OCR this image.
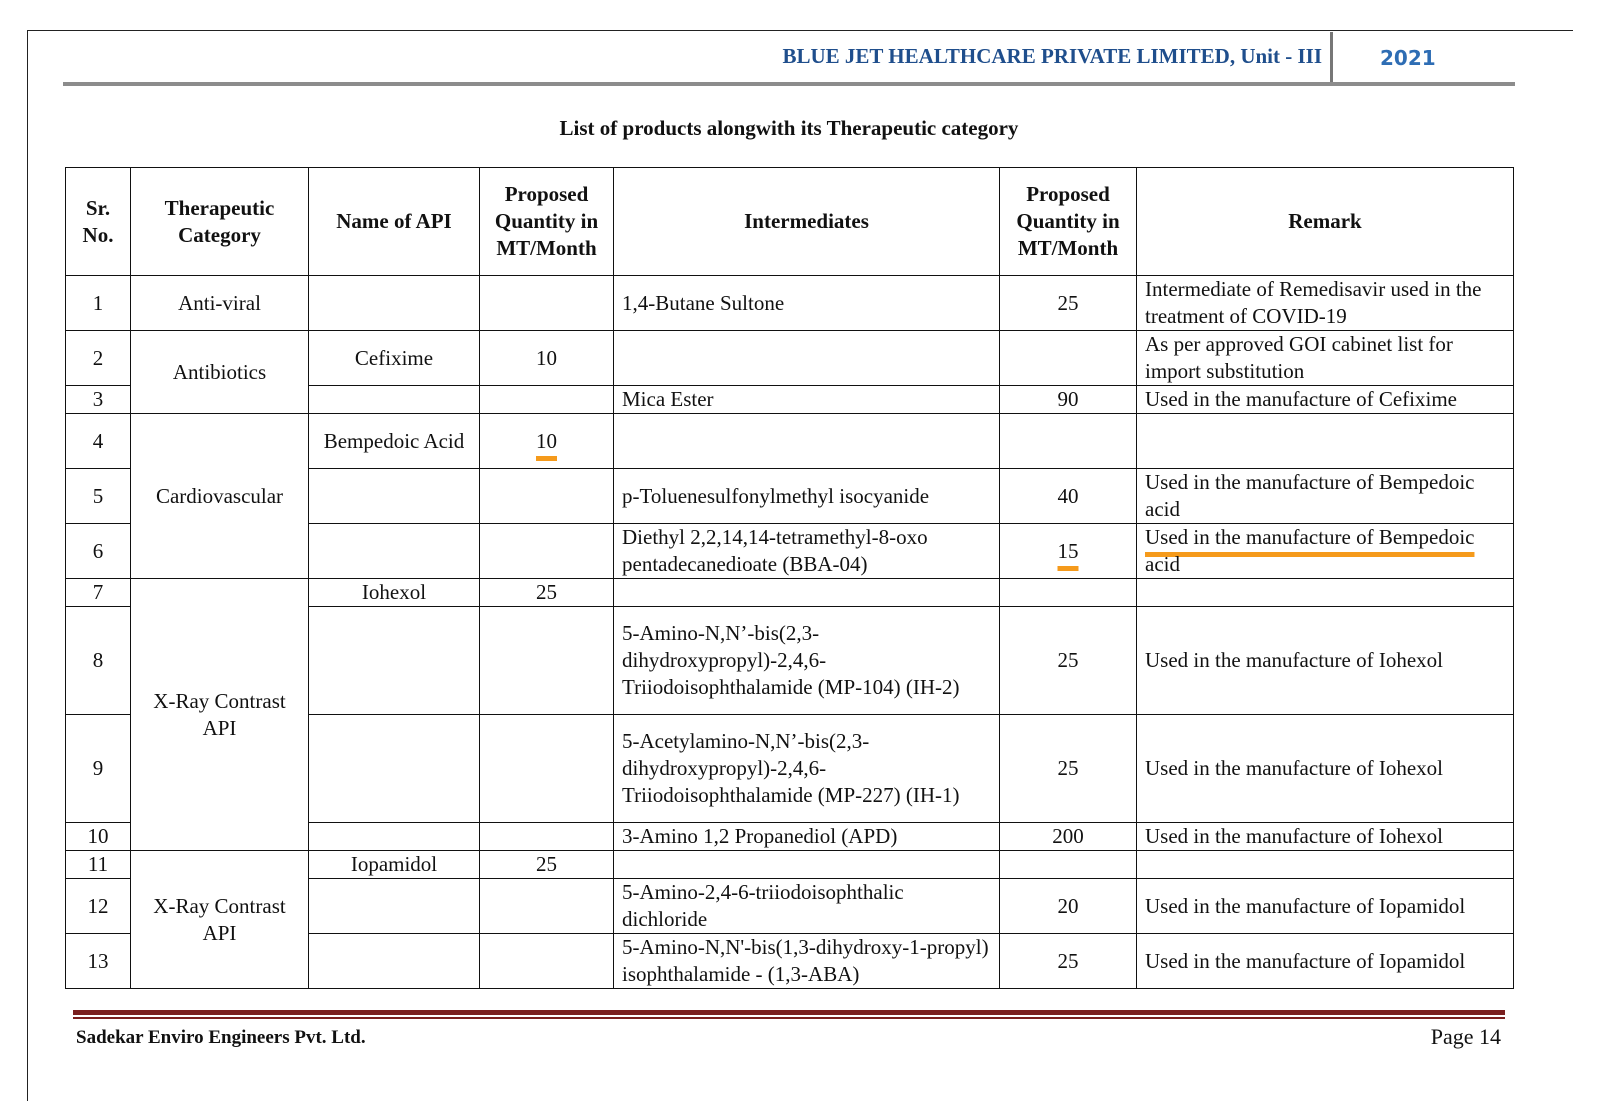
BLUE JET HEALTHCARE PRIVATE LIMITED, Unit - III	2021
List of products alongwith its Therapeutic category
Sr. No.	Therapeutic Category	Name of API	Proposed Quantity in MT/Month	Intermediates	Proposed Quantity in MT/Month	Remark
1	Anti-viral			1,4-Butane Sultone	25	Intermediate of Remedisavir used in the treatment of COVID-19
2	Antibiotics	Cefixime	10			As per approved GOI cabinet list for import substitution
3				Mica Ester	90	Used in the manufacture of Cefixime
4	Cardiovascular	Bempedoic Acid	10			
5				p-Toluenesulfonylmethyl isocyanide	40	Used in the manufacture of Bempedoic acid
6				Diethyl 2,2,14,14-tetramethyl-8-oxo pentadecanedioate (BBA-04)	15	Used in the manufacture of Bempedoic acid
7	X-Ray Contrast API	Iohexol	25			
8				5-Amino-N,N’-bis(2,3-dihydroxypropyl)-2,4,6-Triiodoisophthalamide (MP-104) (IH-2)	25	Used in the manufacture of Iohexol
9				5-Acetylamino-N,N’-bis(2,3-dihydroxypropyl)-2,4,6-Triiodoisophthalamide (MP-227) (IH-1)	25	Used in the manufacture of Iohexol
10				3-Amino 1,2 Propanediol (APD)	200	Used in the manufacture of Iohexol
11	X-Ray Contrast API	Iopamidol	25			
12				5-Amino-2,4-6-triiodoisophthalic dichloride	20	Used in the manufacture of Iopamidol
13				5-Amino-N,N'-bis(1,3-dihydroxy-1-propyl) isophthalamide - (1,3-ABA)	25	Used in the manufacture of Iopamidol
Sadekar Enviro Engineers Pvt. Ltd.	Page 14
